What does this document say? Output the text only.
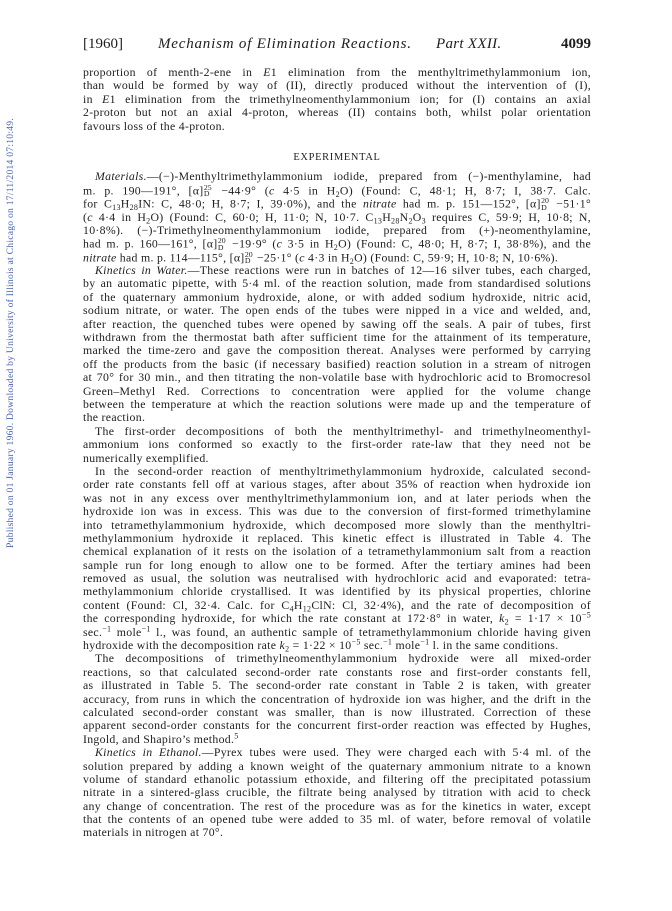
Published on 01 January 1960. Downloaded by University of Illinois at Chicago on 17/11/2014 07:10:49.
[1960] Mechanism of Elimination Reactions. Part XXII.	4099
proportion of menth-2-ene in E1 elimination from the menthyltrimethylammonium ion,
than would be formed by way of (II), directly produced without the intervention of (I),
in E1 elimination from the trimethylneomenthylammonium ion; for (I) contains an axial
2-proton but not an axial 4-proton, whereas (II) contains both, whilst polar orientation
favours loss of the 4-proton.
EXPERIMENTAL
Materials.—(−)-Menthyltrimethylammonium iodide, prepared from (−)-menthylamine, had
m. p. 190—191°, [α] 25
D −44·9° (c 4·5 in $H_2O$) (Found: C, 48·1; H, 8·7; I, 38·7. Calc.
for $C_{13}H_{28}IN$: C, 48·0; H, 8·7; I, 39·0%), and the nitrate had m. p. 151—152°, [α] 20
D −51·1°
(c 4·4 in $H_2O$) (Found: C, 60·0; H, 11·0; N, 10·7. $C_{13}H_{28}N_2O_3$ requires C, 59·9; H, 10·8; N,
10·8%). (−)-Trimethylneomenthylammonium iodide, prepared from (+)-neomenthylamine,
had m. p. 160—161°, [α] 20
D −19·9° (c 3·5 in $H_2O$) (Found: C, 48·0; H, 8·7; I, 38·8%), and the
nitrate had m. p. 114—115°, [α] 20
D −25·1° (c 4·3 in $H_2O$) (Found: C, 59·9; H, 10·8; N, 10·6%).
Kinetics in Water.—These reactions were run in batches of 12—16 silver tubes, each charged,
by an automatic pipette, with 5·4 ml. of the reaction solution, made from standardised solutions
of the quaternary ammonium hydroxide, alone, or with added sodium hydroxide, nitric acid,
sodium nitrate, or water. The open ends of the tubes were nipped in a vice and welded, and,
after reaction, the quenched tubes were opened by sawing off the seals. A pair of tubes, first
withdrawn from the thermostat bath after sufficient time for the attainment of its temperature,
marked the time-zero and gave the composition thereat. Analyses were performed by carrying
off the products from the basic (if necessary basified) reaction solution in a stream of nitrogen
at 70° for 30 min., and then titrating the non-volatile base with hydrochloric acid to Bromocresol
Green–Methyl Red. Corrections to concentration were applied for the volume change
between the temperature at which the reaction solutions were made up and the temperature of
the reaction.
The first-order decompositions of both the menthyltrimethyl- and trimethylneomenthyl-
ammonium ions conformed so exactly to the first-order rate-law that they need not be
numerically exemplified.
In the second-order reaction of menthyltrimethylammonium hydroxide, calculated second-
order rate constants fell off at various stages, after about 35% of reaction when hydroxide ion
was not in any excess over menthyltrimethylammonium ion, and at later periods when the
hydroxide ion was in excess. This was due to the conversion of first-formed trimethylamine
into tetramethylammonium hydroxide, which decomposed more slowly than the menthyltri-
methylammonium hydroxide it replaced. This kinetic effect is illustrated in Table 4. The
chemical explanation of it rests on the isolation of a tetramethylammonium salt from a reaction
sample run for long enough to allow one to be formed. After the tertiary amines had been
removed as usual, the solution was neutralised with hydrochloric acid and evaporated: tetra-
methylammonium chloride crystallised. It was identified by its physical properties, chlorine
content (Found: Cl, 32·4. Calc. for $C_4H_{12}ClN$: Cl, 32·4%), and the rate of decomposition of
the corresponding hydroxide, for which the rate constant at 172·8° in water, $k_2 = 1\cdot 17 \times 10^{-5}$
sec.$^{-1}$ mole$^{-1}$ l., was found, an authentic sample of tetramethylammonium chloride having given
hydroxide with the decomposition rate $k_2 = 1\cdot 22 \times 10^{-5}$ sec.$^{-1}$ mole$^{-1}$ l. in the same conditions.
The decompositions of trimethylneomenthylammonium hydroxide were all mixed-order
reactions, so that calculated second-order rate constants rose and first-order constants fell,
as illustrated in Table 5. The second-order rate constant in Table 2 is taken, with greater
accuracy, from runs in which the concentration of hydroxide ion was higher, and the drift in the
calculated second-order constant was smaller, than is now illustrated. Correction of these
apparent second-order constants for the concurrent first-order reaction was effected by Hughes,
Ingold, and Shapiro’s method.$^5$
Kinetics in Ethanol.—Pyrex tubes were used. They were charged each with 5·4 ml. of the
solution prepared by adding a known weight of the quaternary ammonium nitrate to a known
volume of standard ethanolic potassium ethoxide, and filtering off the precipitated potassium
nitrate in a sintered-glass crucible, the filtrate being analysed by titration with acid to check
any change of concentration. The rest of the procedure was as for the kinetics in water, except
that the contents of an opened tube were added to 35 ml. of water, before removal of volatile
materials in nitrogen at 70°.
